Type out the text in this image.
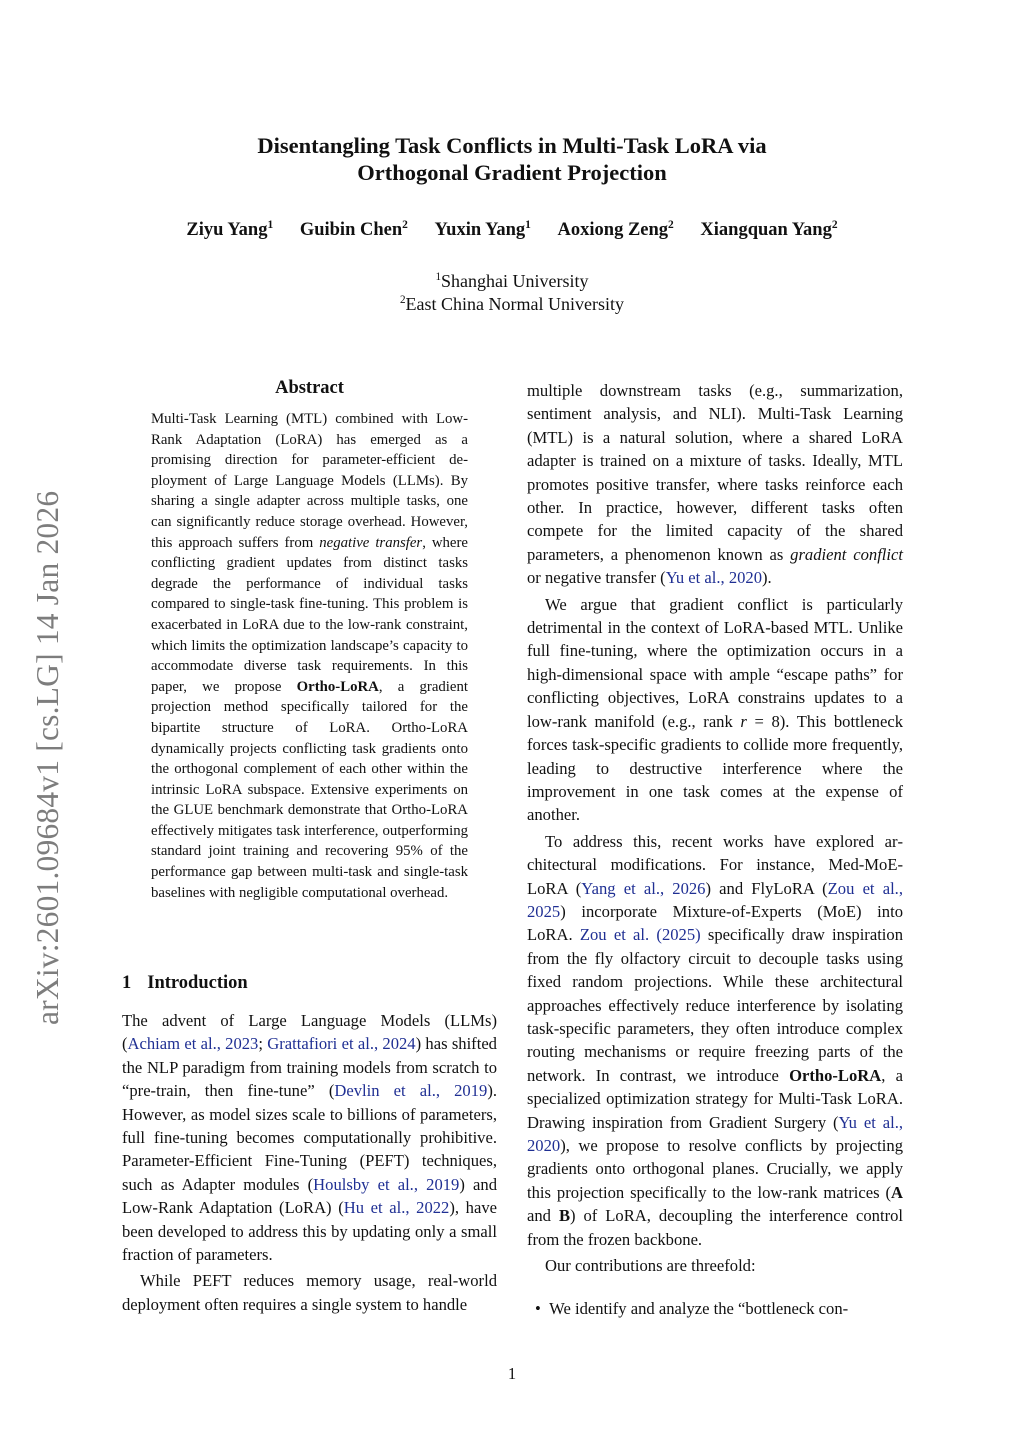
Disentangling Task Conflicts in Multi-Task LoRA via
Orthogonal Gradient Projection
Ziyu Yang$^1$ Guibin Chen$^2$ Yuxin Yang$^1$ Aoxiong Zeng$^2$ Xiangquan Yang$^2$
$^1$Shanghai University
$^2$East China Normal University
arXiv:2601.09684v1 [cs.LG] 14 Jan 2026
Abstract
Multi-Task Learning (MTL) combined with Low-Rank Adaptation (LoRA) has emerged as a promising direction for parameter-efficient deployment of Large Language Models (LLMs). By sharing a single adapter across multiple tasks, one can significantly reduce storage overhead. However, this approach suffers from negative transfer, where conflicting gradient updates from distinct tasks degrade the performance of individual tasks compared to single-task fine-tuning. This problem is exacerbated in LoRA due to the low-rank constraint, which limits the optimization landscape’s capacity to accommodate diverse task requirements. In this paper, we propose Ortho-LoRA, a gradient projection method specifically tailored for the bipartite structure of LoRA. Ortho-LoRA dynamically projects conflicting task gradients onto the orthogonal complement of each other within the intrinsic LoRA subspace. Extensive experiments on the GLUE benchmark demonstrate that Ortho-LoRA effectively mitigates task interference, outperforming standard joint training and recovering 95% of the performance gap between multi-task and single-task baselines with negligible computational overhead.
1 Introduction

The advent of Large Language Models (LLMs) (Achiam et al., 2023; Grattafiori et al., 2024) has shifted the NLP paradigm from training models from scratch to “pre-train, then fine-tune” (Devlin et al., 2019). However, as model sizes scale to billions of parameters, full fine-tuning becomes computationally prohibitive. Parameter-Efficient Fine-Tuning (PEFT) techniques, such as Adapter modules (Houlsby et al., 2019) and Low-Rank Adaptation (LoRA) (Hu et al., 2022), have been developed to address this by updating only a small fraction of parameters.

While PEFT reduces memory usage, real-world deployment often requires a single system to handle

multiple downstream tasks (e.g., summarization, sentiment analysis, and NLI). Multi-Task Learning (MTL) is a natural solution, where a shared LoRA adapter is trained on a mixture of tasks. Ideally, MTL promotes positive transfer, where tasks reinforce each other. In practice, however, different tasks often compete for the limited capacity of the shared parameters, a phenomenon known as gradient conflict or negative transfer (Yu et al., 2020).

We argue that gradient conflict is particularly detrimental in the context of LoRA-based MTL. Unlike full fine-tuning, where the optimization occurs in a high-dimensional space with ample “escape paths” for conflicting objectives, LoRA constrains updates to a low-rank manifold (e.g., rank r = 8). This bottleneck forces task-specific gradients to collide more frequently, leading to destructive interference where the improvement in one task comes at the expense of another.

To address this, recent works have explored architectural modifications. For instance, Med-MoE-LoRA (Yang et al., 2026) and FlyLoRA (Zou et al., 2025) incorporate Mixture-of-Experts (MoE) into LoRA. Zou et al. (2025) specifically draw inspiration from the fly olfactory circuit to decouple tasks using fixed random projections. While these architectural approaches effectively reduce interference by isolating task-specific parameters, they often introduce complex routing mechanisms or require freezing parts of the network. In contrast, we introduce Ortho-LoRA, a specialized optimization strategy for Multi-Task LoRA. Drawing inspiration from Gradient Surgery (Yu et al., 2020), we propose to resolve conflicts by projecting gradients onto orthogonal planes. Crucially, we apply this projection specifically to the low-rank matrices (A and B) of LoRA, decoupling the interference control from the frozen backbone.

Our contributions are threefold:

•  We identify and analyze the “bottleneck con-
1
